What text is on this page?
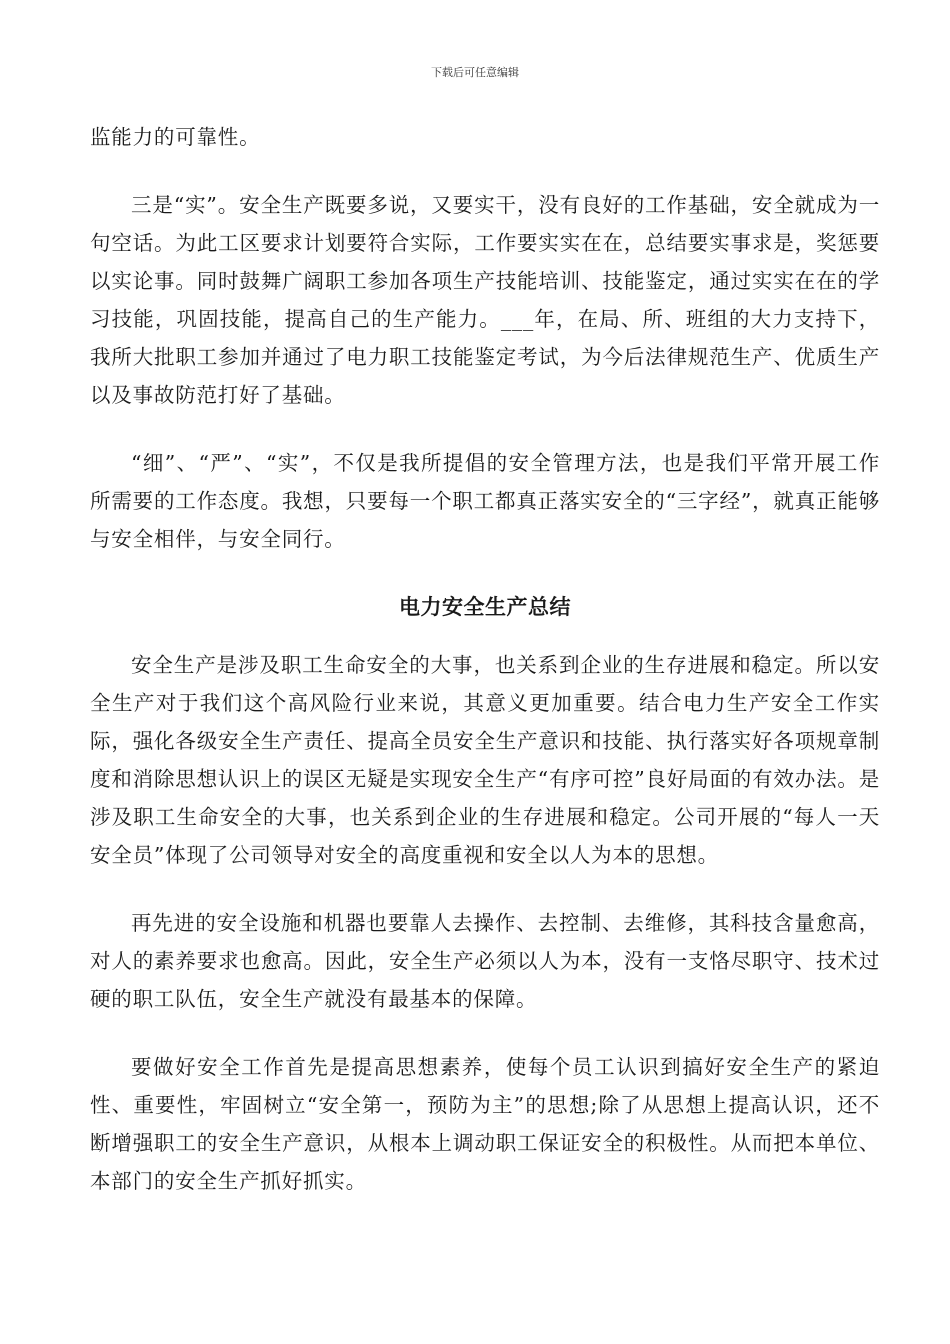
下载后可任意编辑

监能力的可靠性。

三是“实”。安全生产既要多说，又要实干，没有良好的工作基础，安全就成为一句空话。为此工区要求计划要符合实际，工作要实实在在，总结要实事求是，奖惩要以实论事。同时鼓舞广阔职工参加各项生产技能培训、技能鉴定，通过实实在在的学习技能，巩固技能，提高自己的生产能力。___年，在局、所、班组的大力支持下，我所大批职工参加并通过了电力职工技能鉴定考试，为今后法律规范生产、优质生产以及事故防范打好了基础。

“细”、“严”、“实”，不仅是我所提倡的安全管理方法，也是我们平常开展工作所需要的工作态度。我想，只要每一个职工都真正落实安全的“三字经”，就真正能够与安全相伴，与安全同行。

电力安全生产总结

安全生产是涉及职工生命安全的大事，也关系到企业的生存进展和稳定。所以安全生产对于我们这个高风险行业来说，其意义更加重要。结合电力生产安全工作实际，强化各级安全生产责任、提高全员安全生产意识和技能、执行落实好各项规章制度和消除思想认识上的误区无疑是实现安全生产“有序可控”良好局面的有效办法。是涉及职工生命安全的大事，也关系到企业的生存进展和稳定。公司开展的“每人一天安全员”体现了公司领导对安全的高度重视和安全以人为本的思想。

再先进的安全设施和机器也要靠人去操作、去控制、去维修，其科技含量愈高，对人的素养要求也愈高。因此，安全生产必须以人为本，没有一支恪尽职守、技术过硬的职工队伍，安全生产就没有最基本的保障。

要做好安全工作首先是提高思想素养，使每个员工认识到搞好安全生产的紧迫性、重要性，牢固树立“安全第一，预防为主”的思想;除了从思想上提高认识，还不断增强职工的安全生产意识，从根本上调动职工保证安全的积极性。从而把本单位、本部门的安全生产抓好抓实。
